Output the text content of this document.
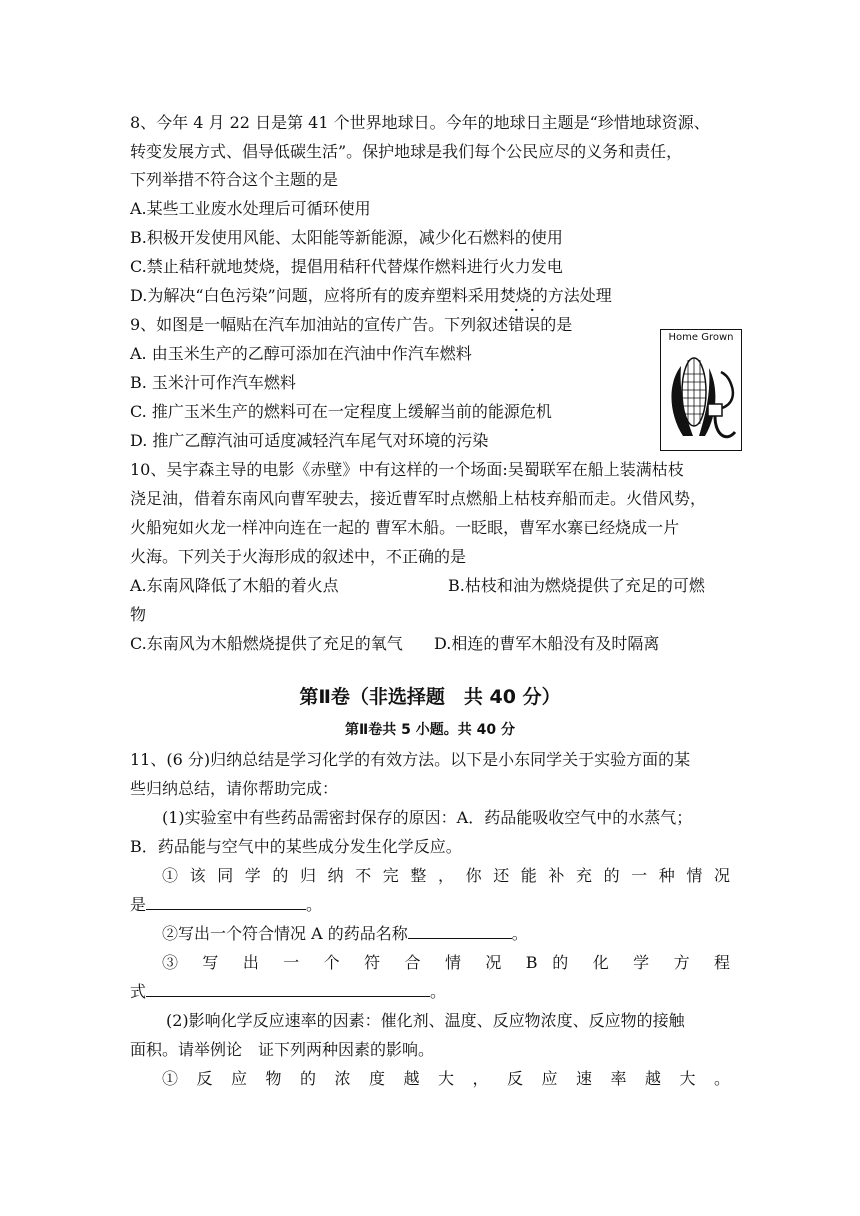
8、今年 4 月 22 日是第 41 个世界地球日。今年的地球日主题是“珍惜地球资源、
转变发展方式、倡导低碳生活”。保护地球是我们每个公民应尽的义务和责任，
下列举措不符合这个主题的是
A.某些工业废水处理后可循环使用
B.积极开发使用风能、太阳能等新能源，减少化石燃料的使用
C.禁止秸秆就地焚烧，提倡用秸秆代替煤作燃料进行火力发电
D.为解决“白色污染”问题，应将所有的废弃塑料采用焚烧的方法处理
9、如图是一幅贴在汽车加油站的宣传广告。下列叙述错误的是
A. 由玉米生产的乙醇可添加在汽油中作汽车燃料
B. 玉米汁可作汽车燃料
C. 推广玉米生产的燃料可在一定程度上缓解当前的能源危机
D. 推广乙醇汽油可适度减轻汽车尾气对环境的污染
Home Grown
10、吴宇森主导的电影《赤壁》中有这样的一个场面:吴蜀联军在船上装满枯枝
浇足油，借着东南风向曹军驶去，接近曹军时点燃船上枯枝弃船而走。火借风势，
火船宛如火龙一样冲向连在一起的 曹军木船。一眨眼，曹军水寨已经烧成一片
火海。下列关于火海形成的叙述中，不正确的是
A.东南风降低了木船的着火点	B.枯枝和油为燃烧提供了充足的可燃
物
C.东南风为木船燃烧提供了充足的氧气 D.相连的曹军木船没有及时隔离
第Ⅱ卷（非选择题　共 40 分）
第Ⅱ卷共 5 小题。共 40 分
11、(6 分)归纳总结是学习化学的有效方法。以下是小东同学关于实验方面的某
些归纳总结，请你帮助完成：
(1)实验室中有些药品需密封保存的原因：A．药品能吸收空气中的水蒸气；
B．药品能与空气中的某些成分发生化学反应。
① 该 同 学 的 归 纳 不 完 整 ， 你 还 能 补 充 的 一 种 情 况
是	。
②写出一个符合情况 A 的药品名称	。
③ 写 出 一 个 符 合 情 况 B 的 化 学 方 程
式	。
(2)影响化学反应速率的因素：催化剂、温度、反应物浓度、反应物的接触
面积。请举例论　证下列两种因素的影响。
① 反 应 物 的 浓 度 越 大 ， 反 应 速 率 越 大 。
